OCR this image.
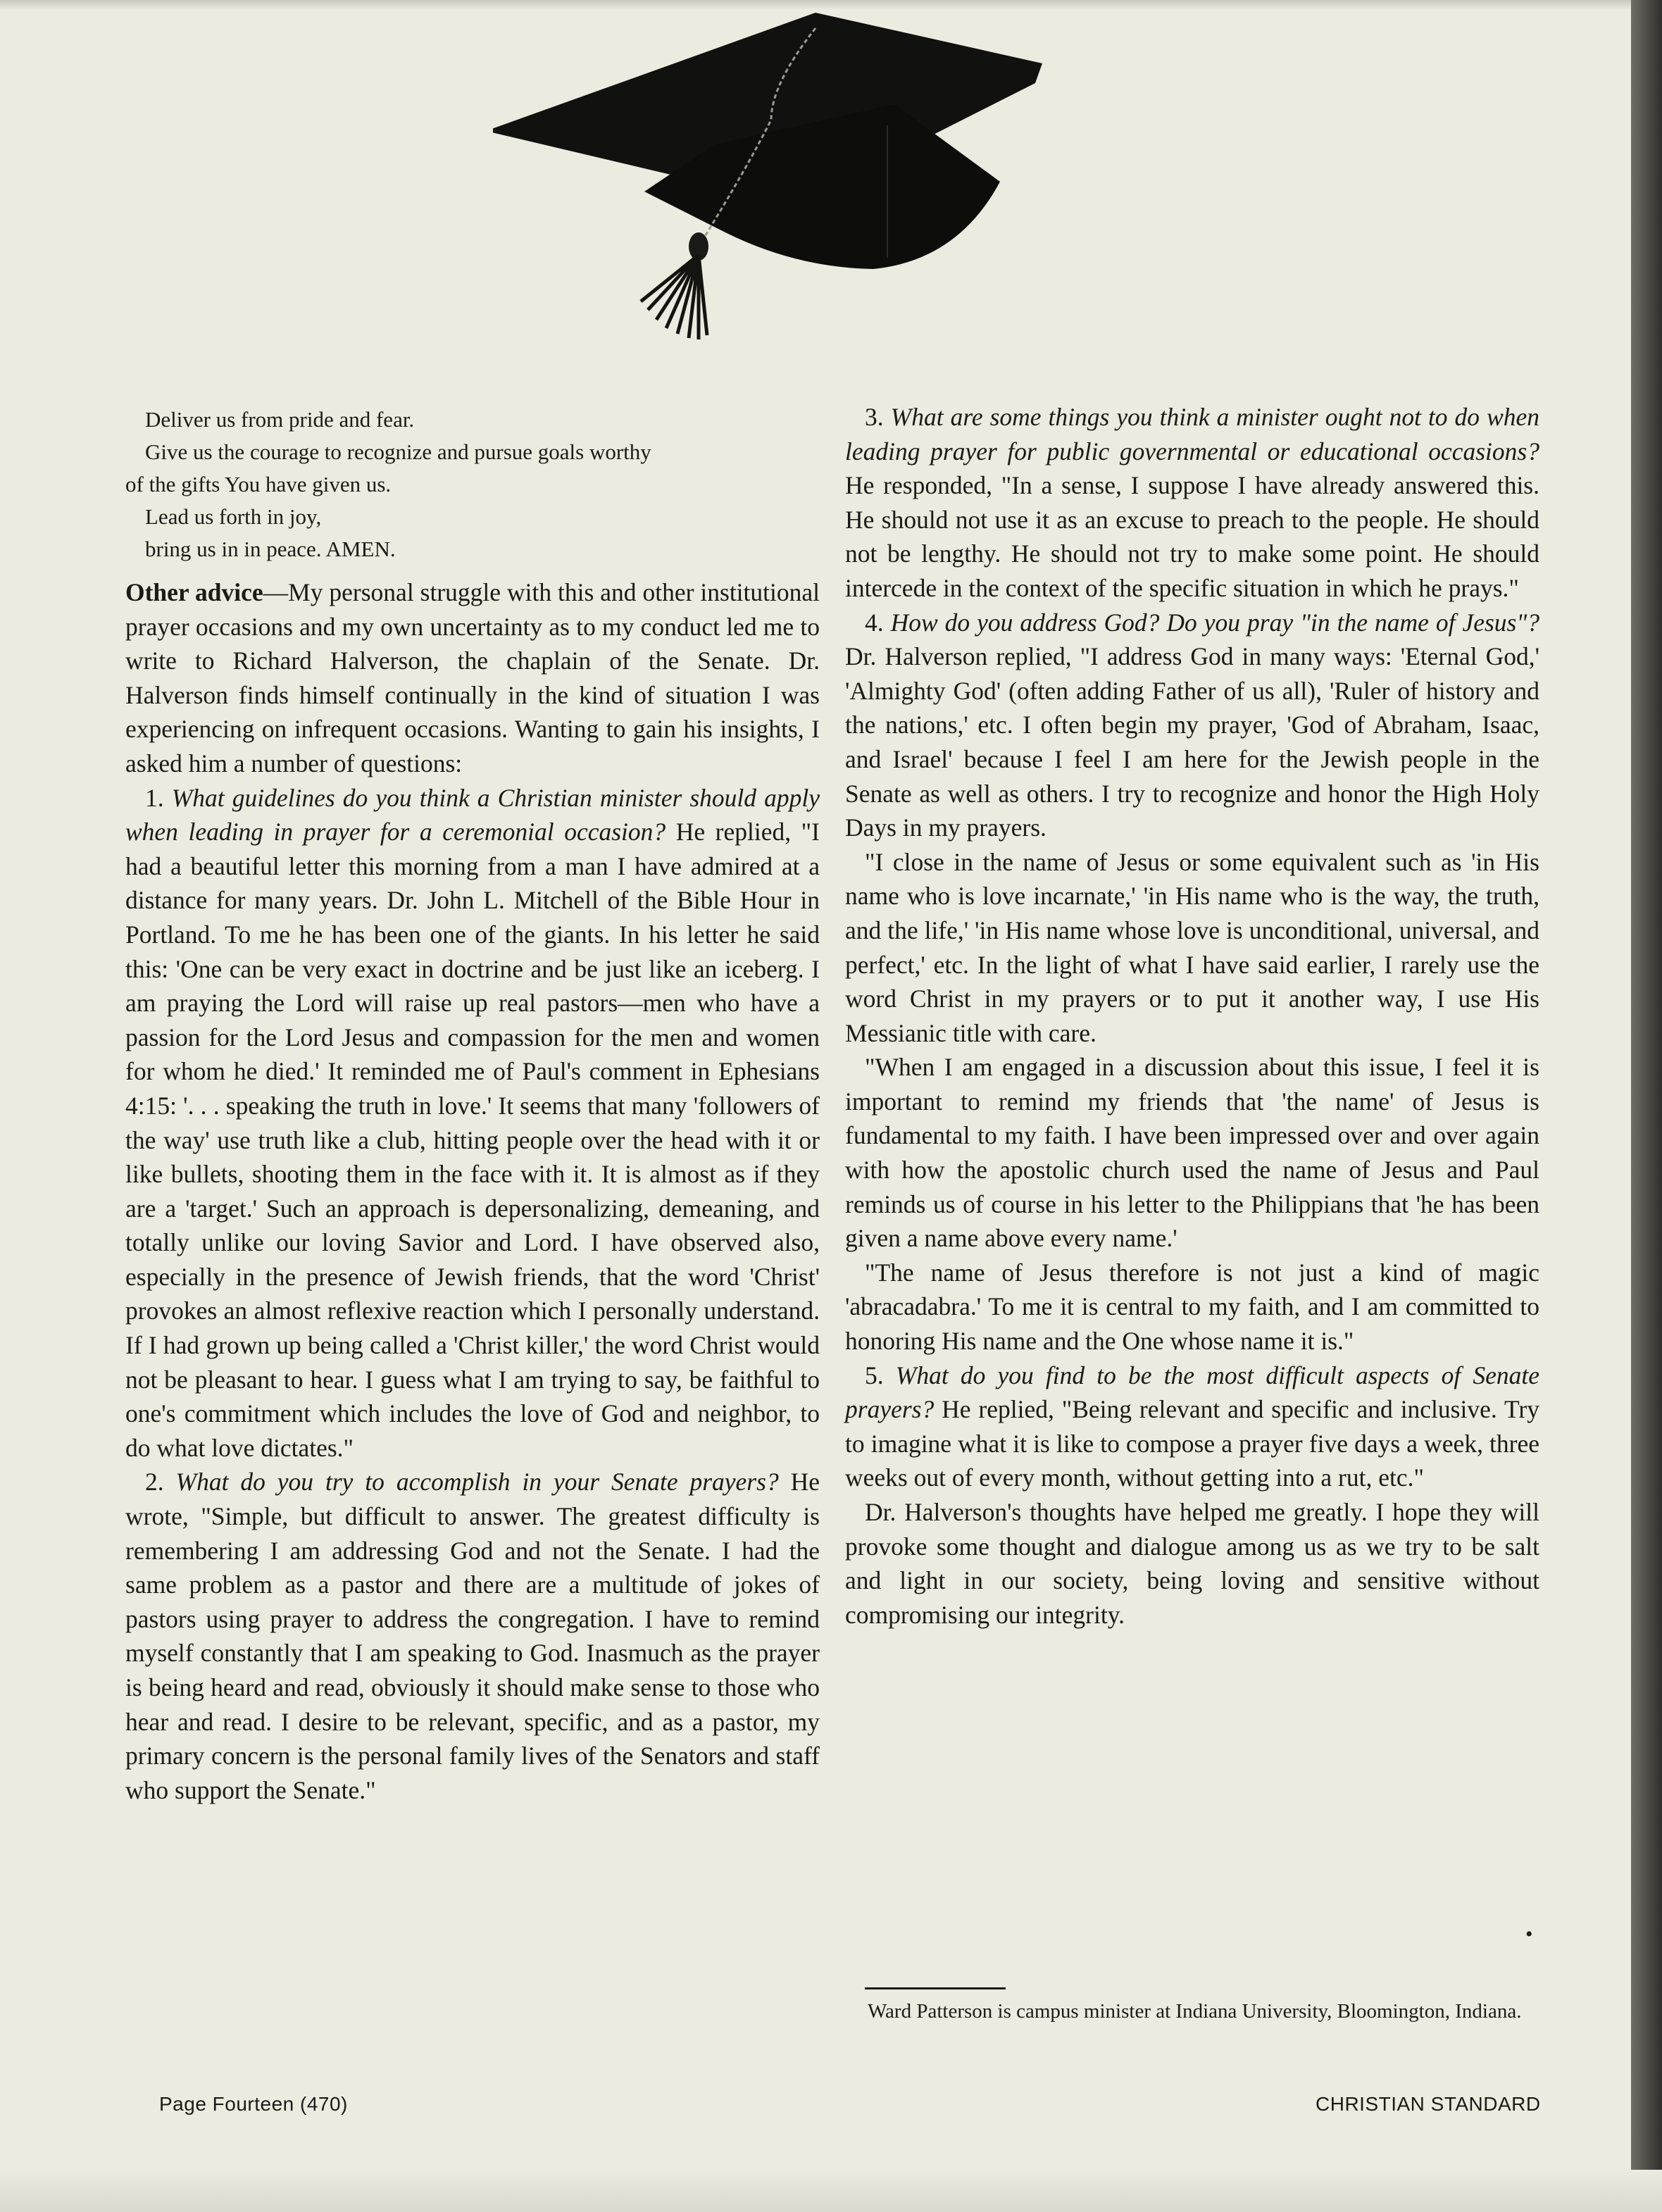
Deliver us from pride and fear.

Give us the courage to recognize and pursue goals worthy

of the gifts You have given us.

Lead us forth in joy,

bring us in in peace. AMEN.

Other advice—My personal struggle with this and other institutional prayer occasions and my own uncertainty as to my conduct led me to write to Richard Halverson, the chaplain of the Senate. Dr. Halverson finds himself continually in the kind of situation I was experiencing on infrequent occasions. Wanting to gain his insights, I asked him a number of questions:

1. What guidelines do you think a Christian minister should apply when leading in prayer for a ceremonial occasion? He replied, "I had a beautiful letter this morning from a man I have admired at a distance for many years. Dr. John L. Mitchell of the Bible Hour in Portland. To me he has been one of the giants. In his letter he said this: 'One can be very exact in doctrine and be just like an iceberg. I am praying the Lord will raise up real pastors—men who have a passion for the Lord Jesus and compassion for the men and women for whom he died.' It reminded me of Paul's comment in Ephesians 4:15: '. . . speaking the truth in love.' It seems that many 'followers of the way' use truth like a club, hitting people over the head with it or like bullets, shooting them in the face with it. It is almost as if they are a 'target.' Such an approach is depersonalizing, demeaning, and totally unlike our loving Savior and Lord. I have observed also, especially in the presence of Jewish friends, that the word 'Christ' provokes an almost reflexive reaction which I personally understand. If I had grown up being called a 'Christ killer,' the word Christ would not be pleasant to hear. I guess what I am trying to say, be faithful to one's commitment which includes the love of God and neighbor, to do what love dictates."

2. What do you try to accomplish in your Senate prayers? He wrote, "Simple, but difficult to answer. The greatest difficulty is remembering I am addressing God and not the Senate. I had the same problem as a pastor and there are a multitude of jokes of pastors using prayer to address the congregation. I have to remind myself constantly that I am speaking to God. Inasmuch as the prayer is being heard and read, obviously it should make sense to those who hear and read. I desire to be relevant, specific, and as a pastor, my primary concern is the personal family lives of the Senators and staff who support the Senate."

3. What are some things you think a minister ought not to do when leading prayer for public governmental or educational occasions? He responded, "In a sense, I suppose I have already answered this. He should not use it as an excuse to preach to the people. He should not be lengthy. He should not try to make some point. He should intercede in the context of the specific situation in which he prays."

4. How do you address God? Do you pray "in the name of Jesus"? Dr. Halverson replied, "I address God in many ways: 'Eternal God,' 'Almighty God' (often adding Father of us all), 'Ruler of history and the nations,' etc. I often begin my prayer, 'God of Abraham, Isaac, and Israel' because I feel I am here for the Jewish people in the Senate as well as others. I try to recognize and honor the High Holy Days in my prayers.

"I close in the name of Jesus or some equivalent such as 'in His name who is love incarnate,' 'in His name who is the way, the truth, and the life,' 'in His name whose love is unconditional, universal, and perfect,' etc. In the light of what I have said earlier, I rarely use the word Christ in my prayers or to put it another way, I use His Messianic title with care.

"When I am engaged in a discussion about this issue, I feel it is important to remind my friends that 'the name' of Jesus is fundamental to my faith. I have been impressed over and over again with how the apostolic church used the name of Jesus and Paul reminds us of course in his letter to the Philippians that 'he has been given a name above every name.'

"The name of Jesus therefore is not just a kind of magic 'abracadabra.' To me it is central to my faith, and I am committed to honoring His name and the One whose name it is."

5. What do you find to be the most difficult aspects of Senate prayers? He replied, "Being relevant and specific and inclusive. Try to imagine what it is like to compose a prayer five days a week, three weeks out of every month, without getting into a rut, etc."

Dr. Halverson's thoughts have helped me greatly. I hope they will provoke some thought and dialogue among us as we try to be salt and light in our society, being loving and sensitive without compromising our integrity.

•
Ward Patterson is campus minister at Indiana University, Bloomington, Indiana.
Page Fourteen (470)	CHRISTIAN STANDARD
